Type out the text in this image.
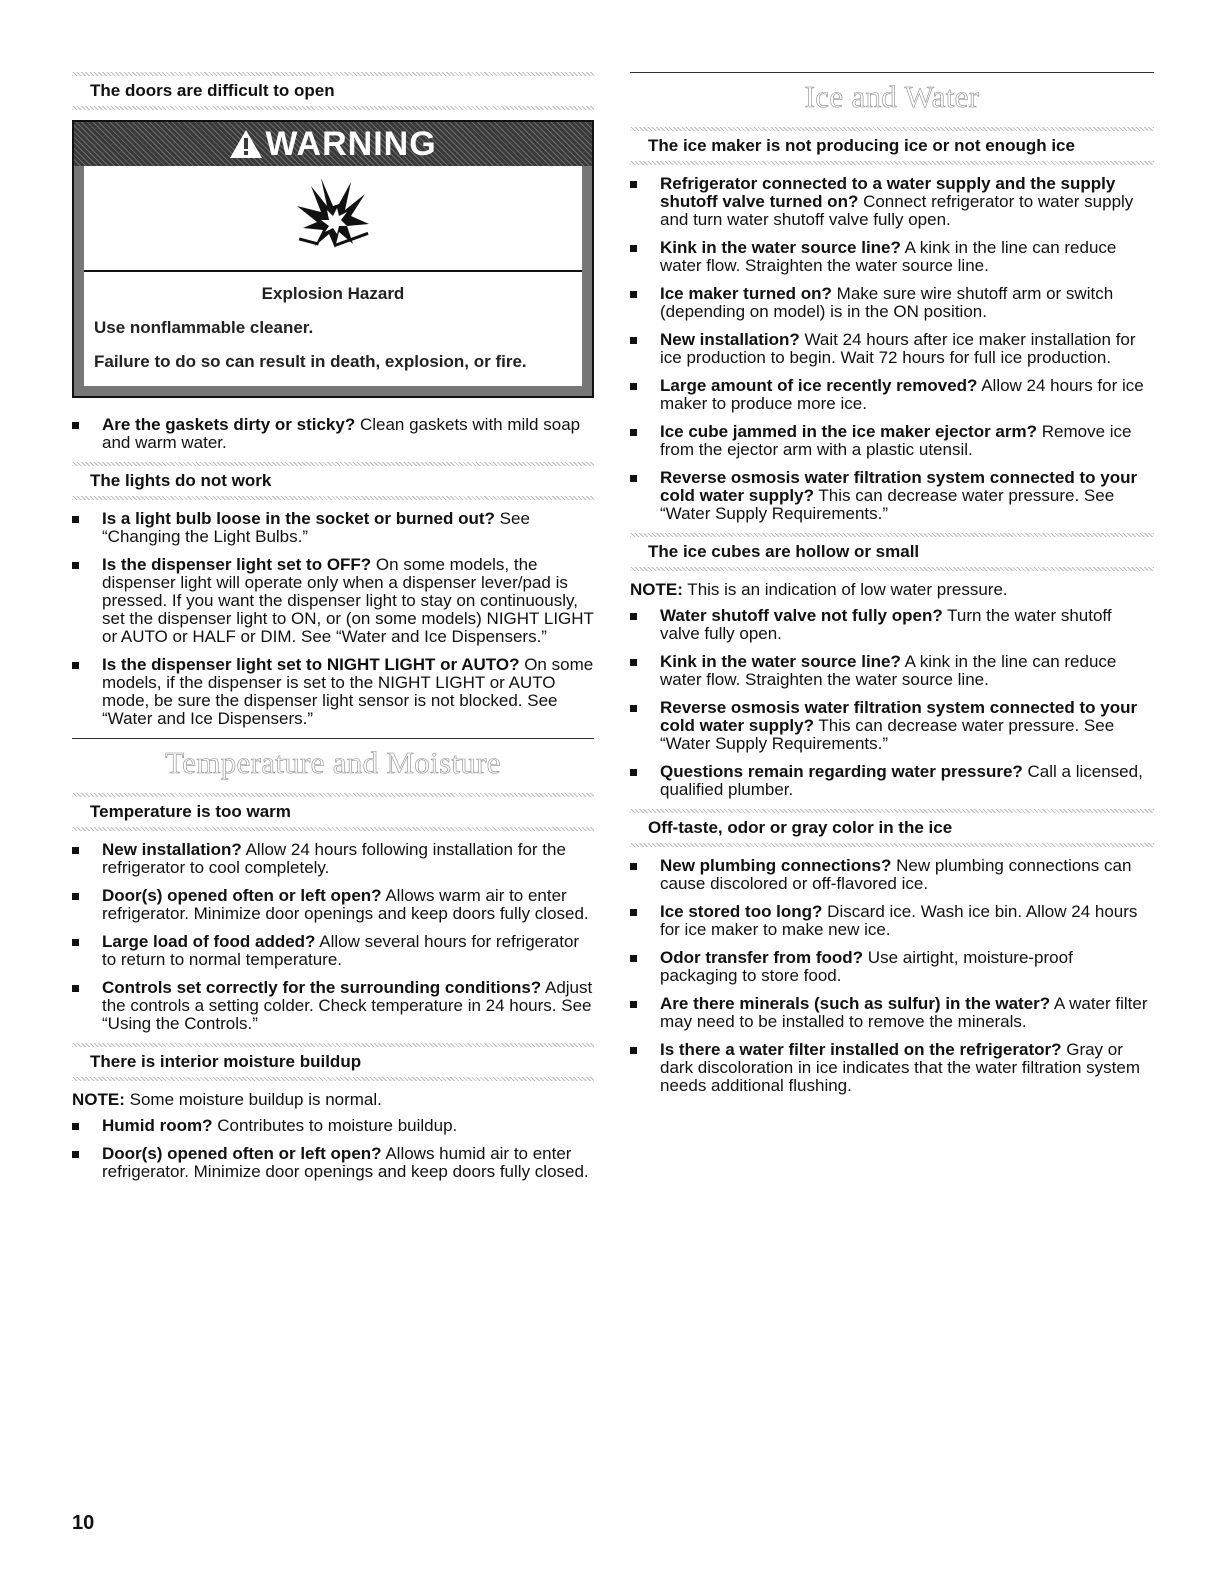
The doors are difficult to open
WARNING
Explosion Hazard
Use nonflammable cleaner.
Failure to do so can result in death, explosion, or fire.
Are the gaskets dirty or sticky? Clean gaskets with mild soap and warm water.
The lights do not work
Is a light bulb loose in the socket or burned out? See “Changing the Light Bulbs.”
Is the dispenser light set to OFF? On some models, the dispenser light will operate only when a dispenser lever/pad is pressed. If you want the dispenser light to stay on continuously, set the dispenser light to ON, or (on some models) NIGHT LIGHT or AUTO or HALF or DIM. See “Water and Ice Dispensers.”
Is the dispenser light set to NIGHT LIGHT or AUTO? On some models, if the dispenser is set to the NIGHT LIGHT or AUTO mode, be sure the dispenser light sensor is not blocked. See “Water and Ice Dispensers.”
Temperature and Moisture
Temperature is too warm
New installation? Allow 24 hours following installation for the refrigerator to cool completely.
Door(s) opened often or left open? Allows warm air to enter refrigerator. Minimize door openings and keep doors fully closed.
Large load of food added? Allow several hours for refrigerator to return to normal temperature.
Controls set correctly for the surrounding conditions? Adjust the controls a setting colder. Check temperature in 24 hours. See “Using the Controls.”
There is interior moisture buildup
NOTE: Some moisture buildup is normal.
Humid room? Contributes to moisture buildup.
Door(s) opened often or left open? Allows humid air to enter refrigerator. Minimize door openings and keep doors fully closed.
Ice and Water
The ice maker is not producing ice or not enough ice
Refrigerator connected to a water supply and the supply shutoff valve turned on? Connect refrigerator to water supply and turn water shutoff valve fully open.
Kink in the water source line? A kink in the line can reduce water flow. Straighten the water source line.
Ice maker turned on? Make sure wire shutoff arm or switch (depending on model) is in the ON position.
New installation? Wait 24 hours after ice maker installation for ice production to begin. Wait 72 hours for full ice production.
Large amount of ice recently removed? Allow 24 hours for ice maker to produce more ice.
Ice cube jammed in the ice maker ejector arm? Remove ice from the ejector arm with a plastic utensil.
Reverse osmosis water filtration system connected to your cold water supply? This can decrease water pressure. See “Water Supply Requirements.”
The ice cubes are hollow or small
NOTE: This is an indication of low water pressure.
Water shutoff valve not fully open? Turn the water shutoff valve fully open.
Kink in the water source line? A kink in the line can reduce water flow. Straighten the water source line.
Reverse osmosis water filtration system connected to your cold water supply? This can decrease water pressure. See “Water Supply Requirements.”
Questions remain regarding water pressure? Call a licensed, qualified plumber.
Off-taste, odor or gray color in the ice
New plumbing connections? New plumbing connections can cause discolored or off-flavored ice.
Ice stored too long? Discard ice. Wash ice bin. Allow 24 hours for ice maker to make new ice.
Odor transfer from food? Use airtight, moisture-proof packaging to store food.
Are there minerals (such as sulfur) in the water? A water filter may need to be installed to remove the minerals.
Is there a water filter installed on the refrigerator? Gray or dark discoloration in ice indicates that the water filtration system needs additional flushing.
10
